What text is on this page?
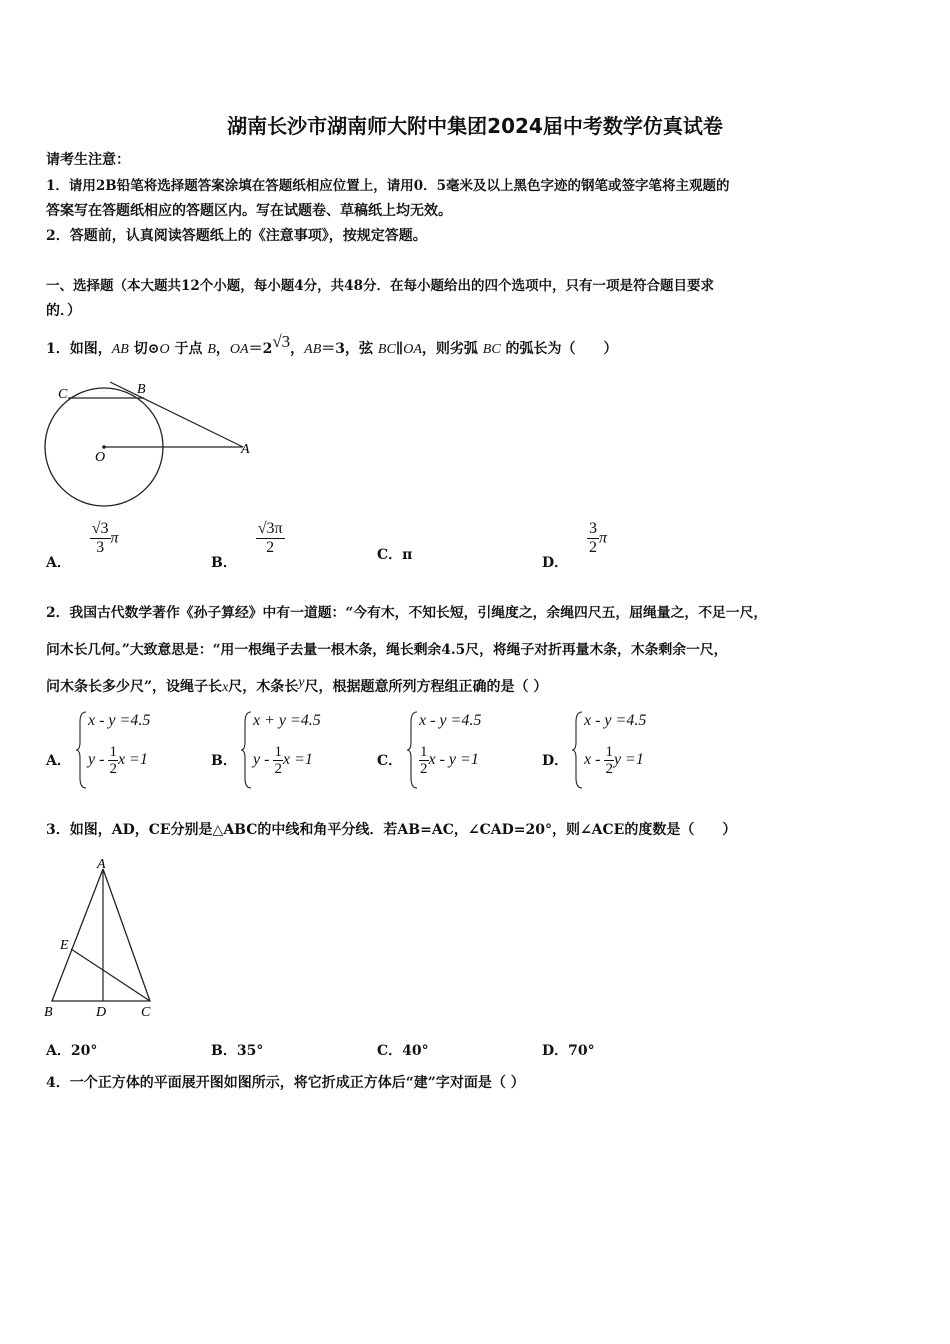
湖南长沙市湖南师大附中集团2024届中考数学仿真试卷
请考生注意：
1．请用2B铅笔将选择题答案涂填在答题纸相应位置上，请用0．5毫米及以上黑色字迹的钢笔或签字笔将主观题的
答案写在答题纸相应的答题区内。写在试题卷、草稿纸上均无效。
2．答题前，认真阅读答题纸上的《注意事项》，按规定答题。
一、选择题（本大题共12个小题，每小题4分，共48分．在每小题给出的四个选项中，只有一项是符合题目要求
的．）
1．如图，AB 切⊙O 于点 B，OA＝2√3，AB＝3，弦 BC∥OA，则劣弧 BC 的弧长为（　　）
C	B
O
A
A．
$\frac{√3}{3}$ π
B．
$\frac{√3\pi}{2}$	C．π	D．
$\frac{3}{2}$ π
2．我国古代数学著作《孙子算经》中有一道题：“今有木，不知长短，引绳度之，余绳四尺五，屈绳量之，不足一尺，
问木长几何。”大致意思是：“用一根绳子去量一根木条，绳长剩余4.5尺，将绳子对折再量木条，木条剩余一尺，
问木条长多少尺”，设绳子长x尺，木条长y尺，根据题意所列方程组正确的是（ ）
A．
x - y =4.5
y - $\frac{1}{2}$ x =1	B．
x + y =4.5
y - $\frac{1}{2}$ x =1	C．
x - y =4.5
$\frac{1}{2}$ x - y =1	D．
x - y =4.5
x - $\frac{1}{2}$ y =1
3．如图，AD，CE分别是△ABC的中线和角平分线．若AB=AC，∠CAD=20°，则∠ACE的度数是（　　）
A
E
B	D C
A．20°	B．35°	C．40°	D．70°
4．一个正方体的平面展开图如图所示，将它折成正方体后“建”字对面是（ ）
